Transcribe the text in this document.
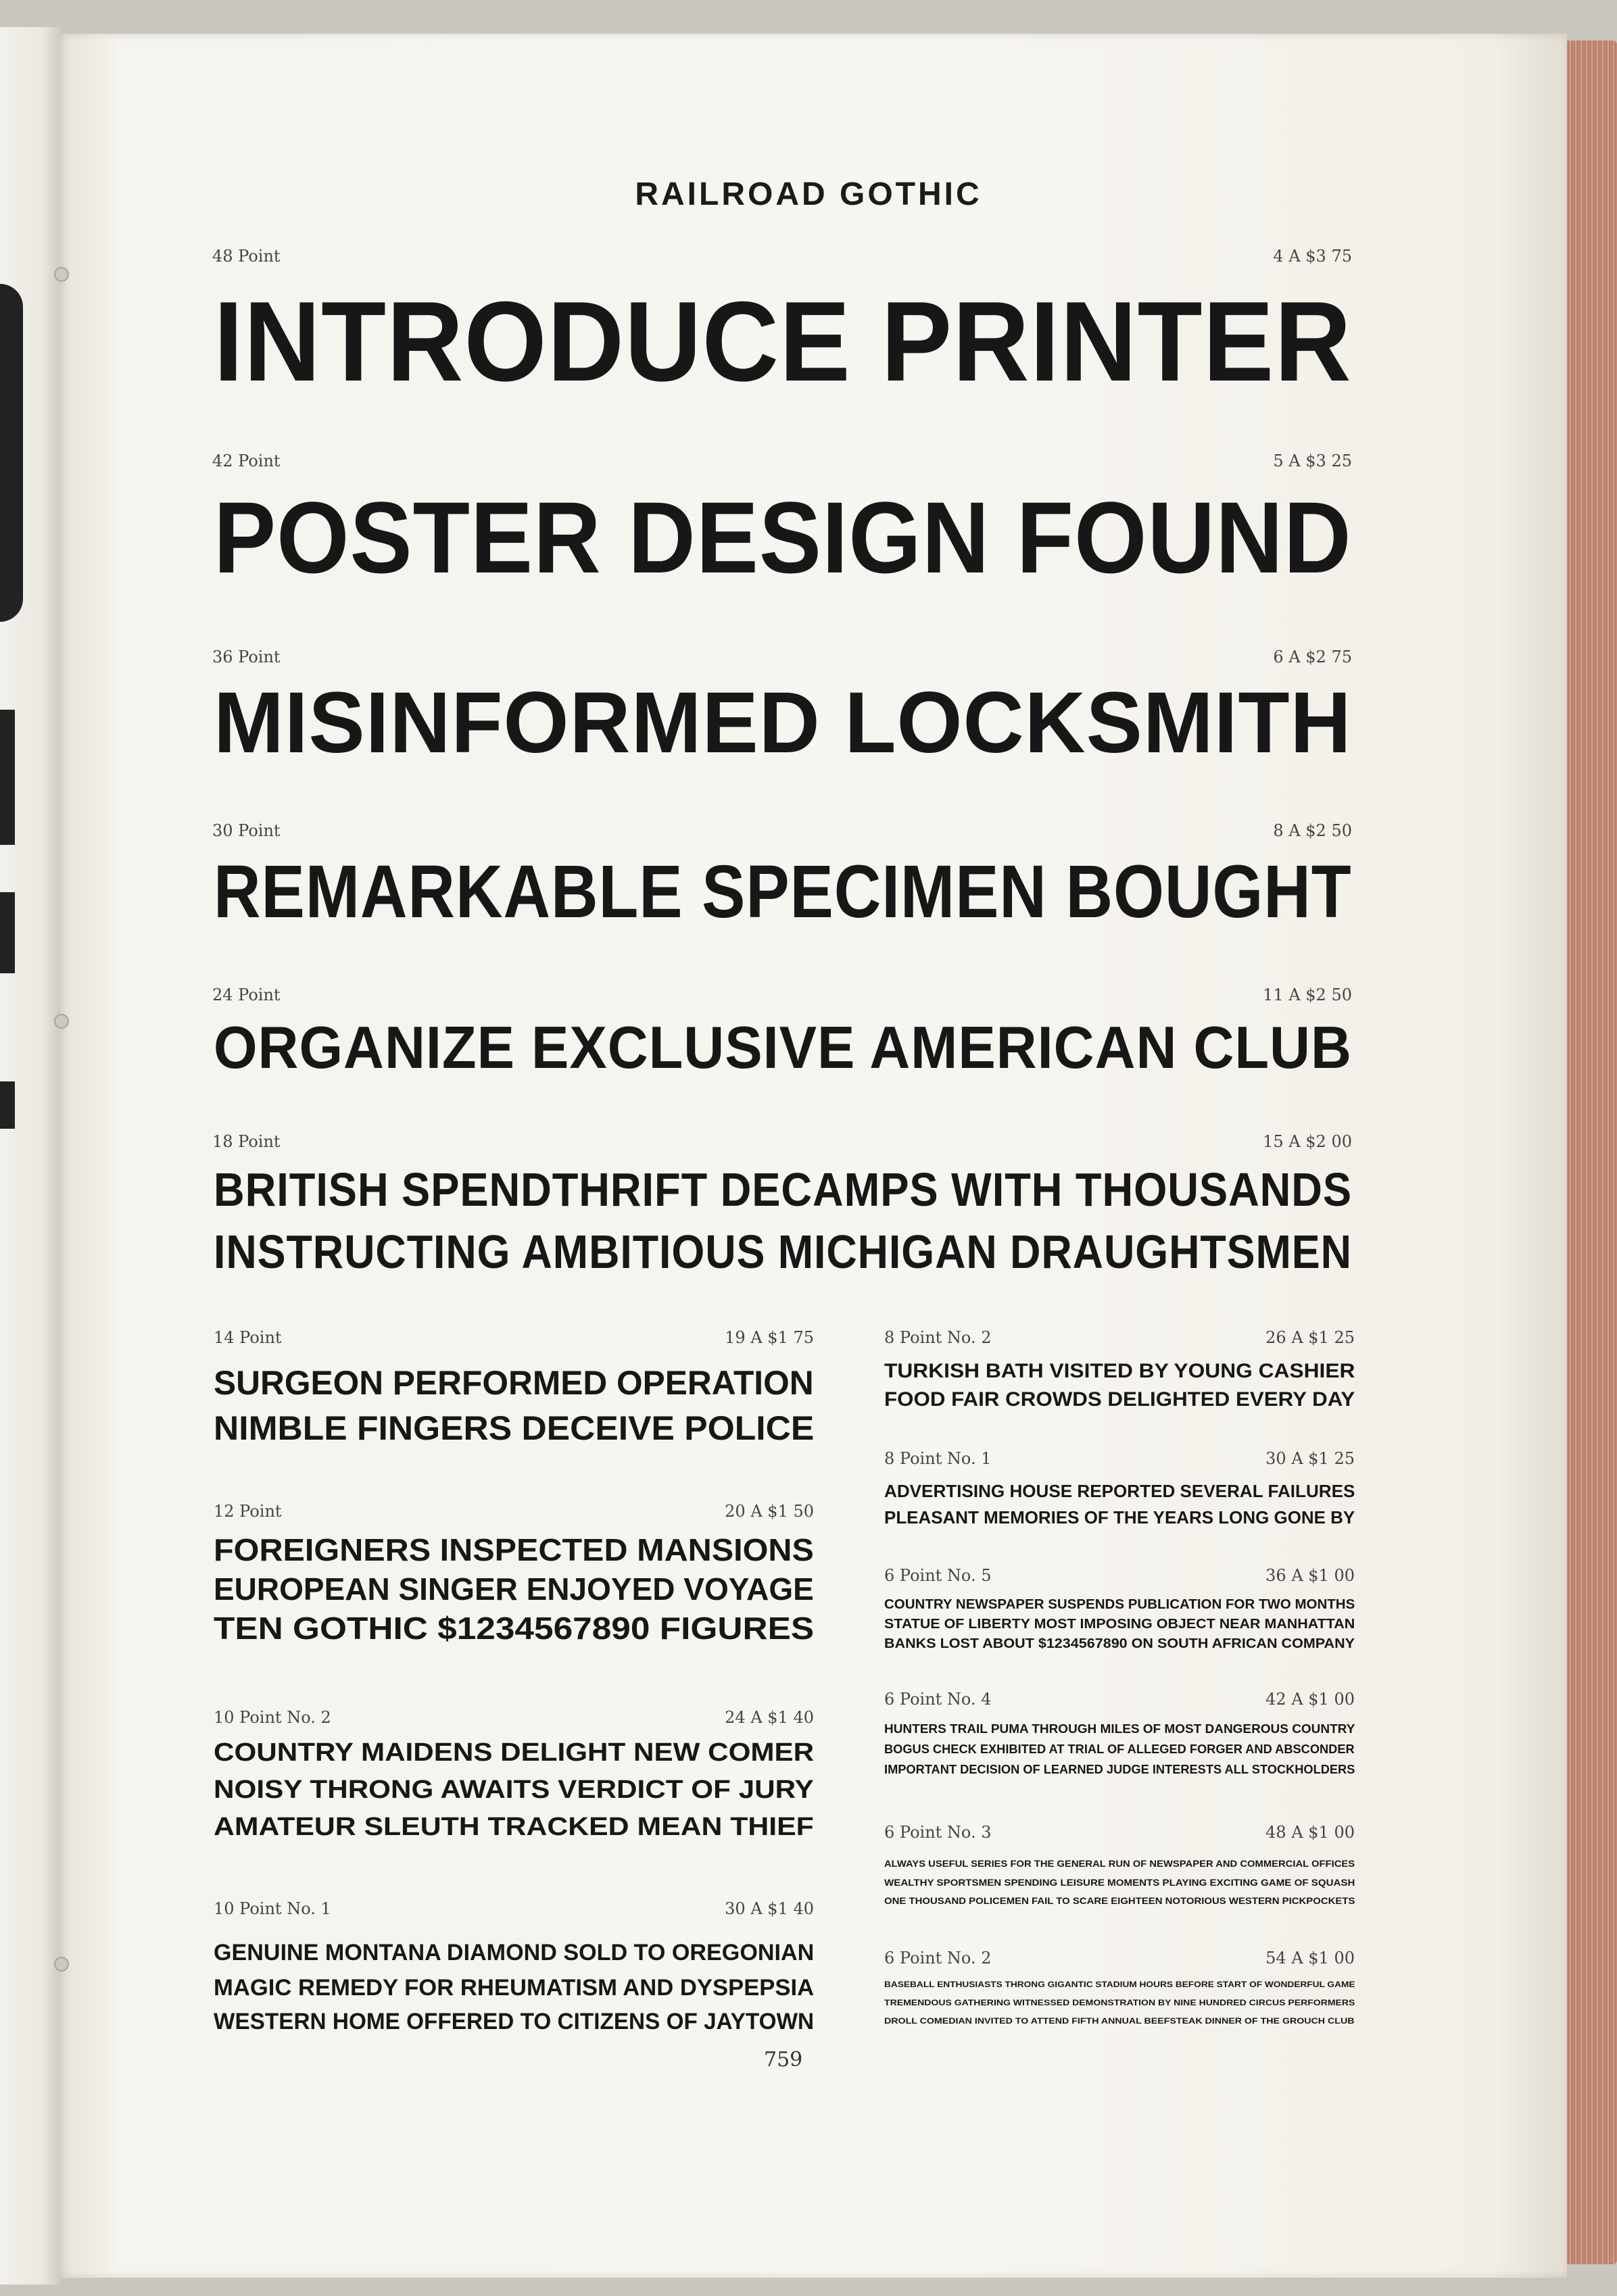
RAILROAD GOTHIC
48 Point	4 A $3 75
INTRODUCE PRINTER
42 Point	5 A $3 25
POSTER DESIGN FOUND
36 Point	6 A $2 75
MISINFORMED LOCKSMITH
30 Point	8 A $2 50
REMARKABLE SPECIMEN BOUGHT
24 Point	11 A $2 50
ORGANIZE EXCLUSIVE AMERICAN CLUB
18 Point	15 A $2 00
BRITISH SPENDTHRIFT DECAMPS WITH THOUSANDS
INSTRUCTING AMBITIOUS MICHIGAN DRAUGHTSMEN
14 Point	19 A $1 75
SURGEON PERFORMED OPERATION
NIMBLE FINGERS DECEIVE POLICE
12 Point	20 A $1 50
FOREIGNERS INSPECTED MANSIONS
EUROPEAN SINGER ENJOYED VOYAGE
TEN GOTHIC $1234567890 FIGURES
10 Point No. 2	24 A $1 40
COUNTRY MAIDENS DELIGHT NEW COMER
NOISY THRONG AWAITS VERDICT OF JURY
AMATEUR SLEUTH TRACKED MEAN THIEF
10 Point No. 1	30 A $1 40
GENUINE MONTANA DIAMOND SOLD TO OREGONIAN
MAGIC REMEDY FOR RHEUMATISM AND DYSPEPSIA
WESTERN HOME OFFERED TO CITIZENS OF JAYTOWN
8 Point No. 2	26 A $1 25
TURKISH BATH VISITED BY YOUNG CASHIER
FOOD FAIR CROWDS DELIGHTED EVERY DAY
8 Point No. 1	30 A $1 25
ADVERTISING HOUSE REPORTED SEVERAL FAILURES
PLEASANT MEMORIES OF THE YEARS LONG GONE BY
6 Point No. 5	36 A $1 00
COUNTRY NEWSPAPER SUSPENDS PUBLICATION FOR TWO MONTHS
STATUE OF LIBERTY MOST IMPOSING OBJECT NEAR MANHATTAN
BANKS LOST ABOUT $1234567890 ON SOUTH AFRICAN COMPANY
6 Point No. 4	42 A $1 00
HUNTERS TRAIL PUMA THROUGH MILES OF MOST DANGEROUS COUNTRY
BOGUS CHECK EXHIBITED AT TRIAL OF ALLEGED FORGER AND ABSCONDER
IMPORTANT DECISION OF LEARNED JUDGE INTERESTS ALL STOCKHOLDERS
6 Point No. 3	48 A $1 00
ALWAYS USEFUL SERIES FOR THE GENERAL RUN OF NEWSPAPER AND COMMERCIAL OFFICES
WEALTHY SPORTSMEN SPENDING LEISURE MOMENTS PLAYING EXCITING GAME OF SQUASH
ONE THOUSAND POLICEMEN FAIL TO SCARE EIGHTEEN NOTORIOUS WESTERN PICKPOCKETS
6 Point No. 2	54 A $1 00
BASEBALL ENTHUSIASTS THRONG GIGANTIC STADIUM HOURS BEFORE START OF WONDERFUL GAME
TREMENDOUS GATHERING WITNESSED DEMONSTRATION BY NINE HUNDRED CIRCUS PERFORMERS
DROLL COMEDIAN INVITED TO ATTEND FIFTH ANNUAL BEEFSTEAK DINNER OF THE GROUCH CLUB
759
